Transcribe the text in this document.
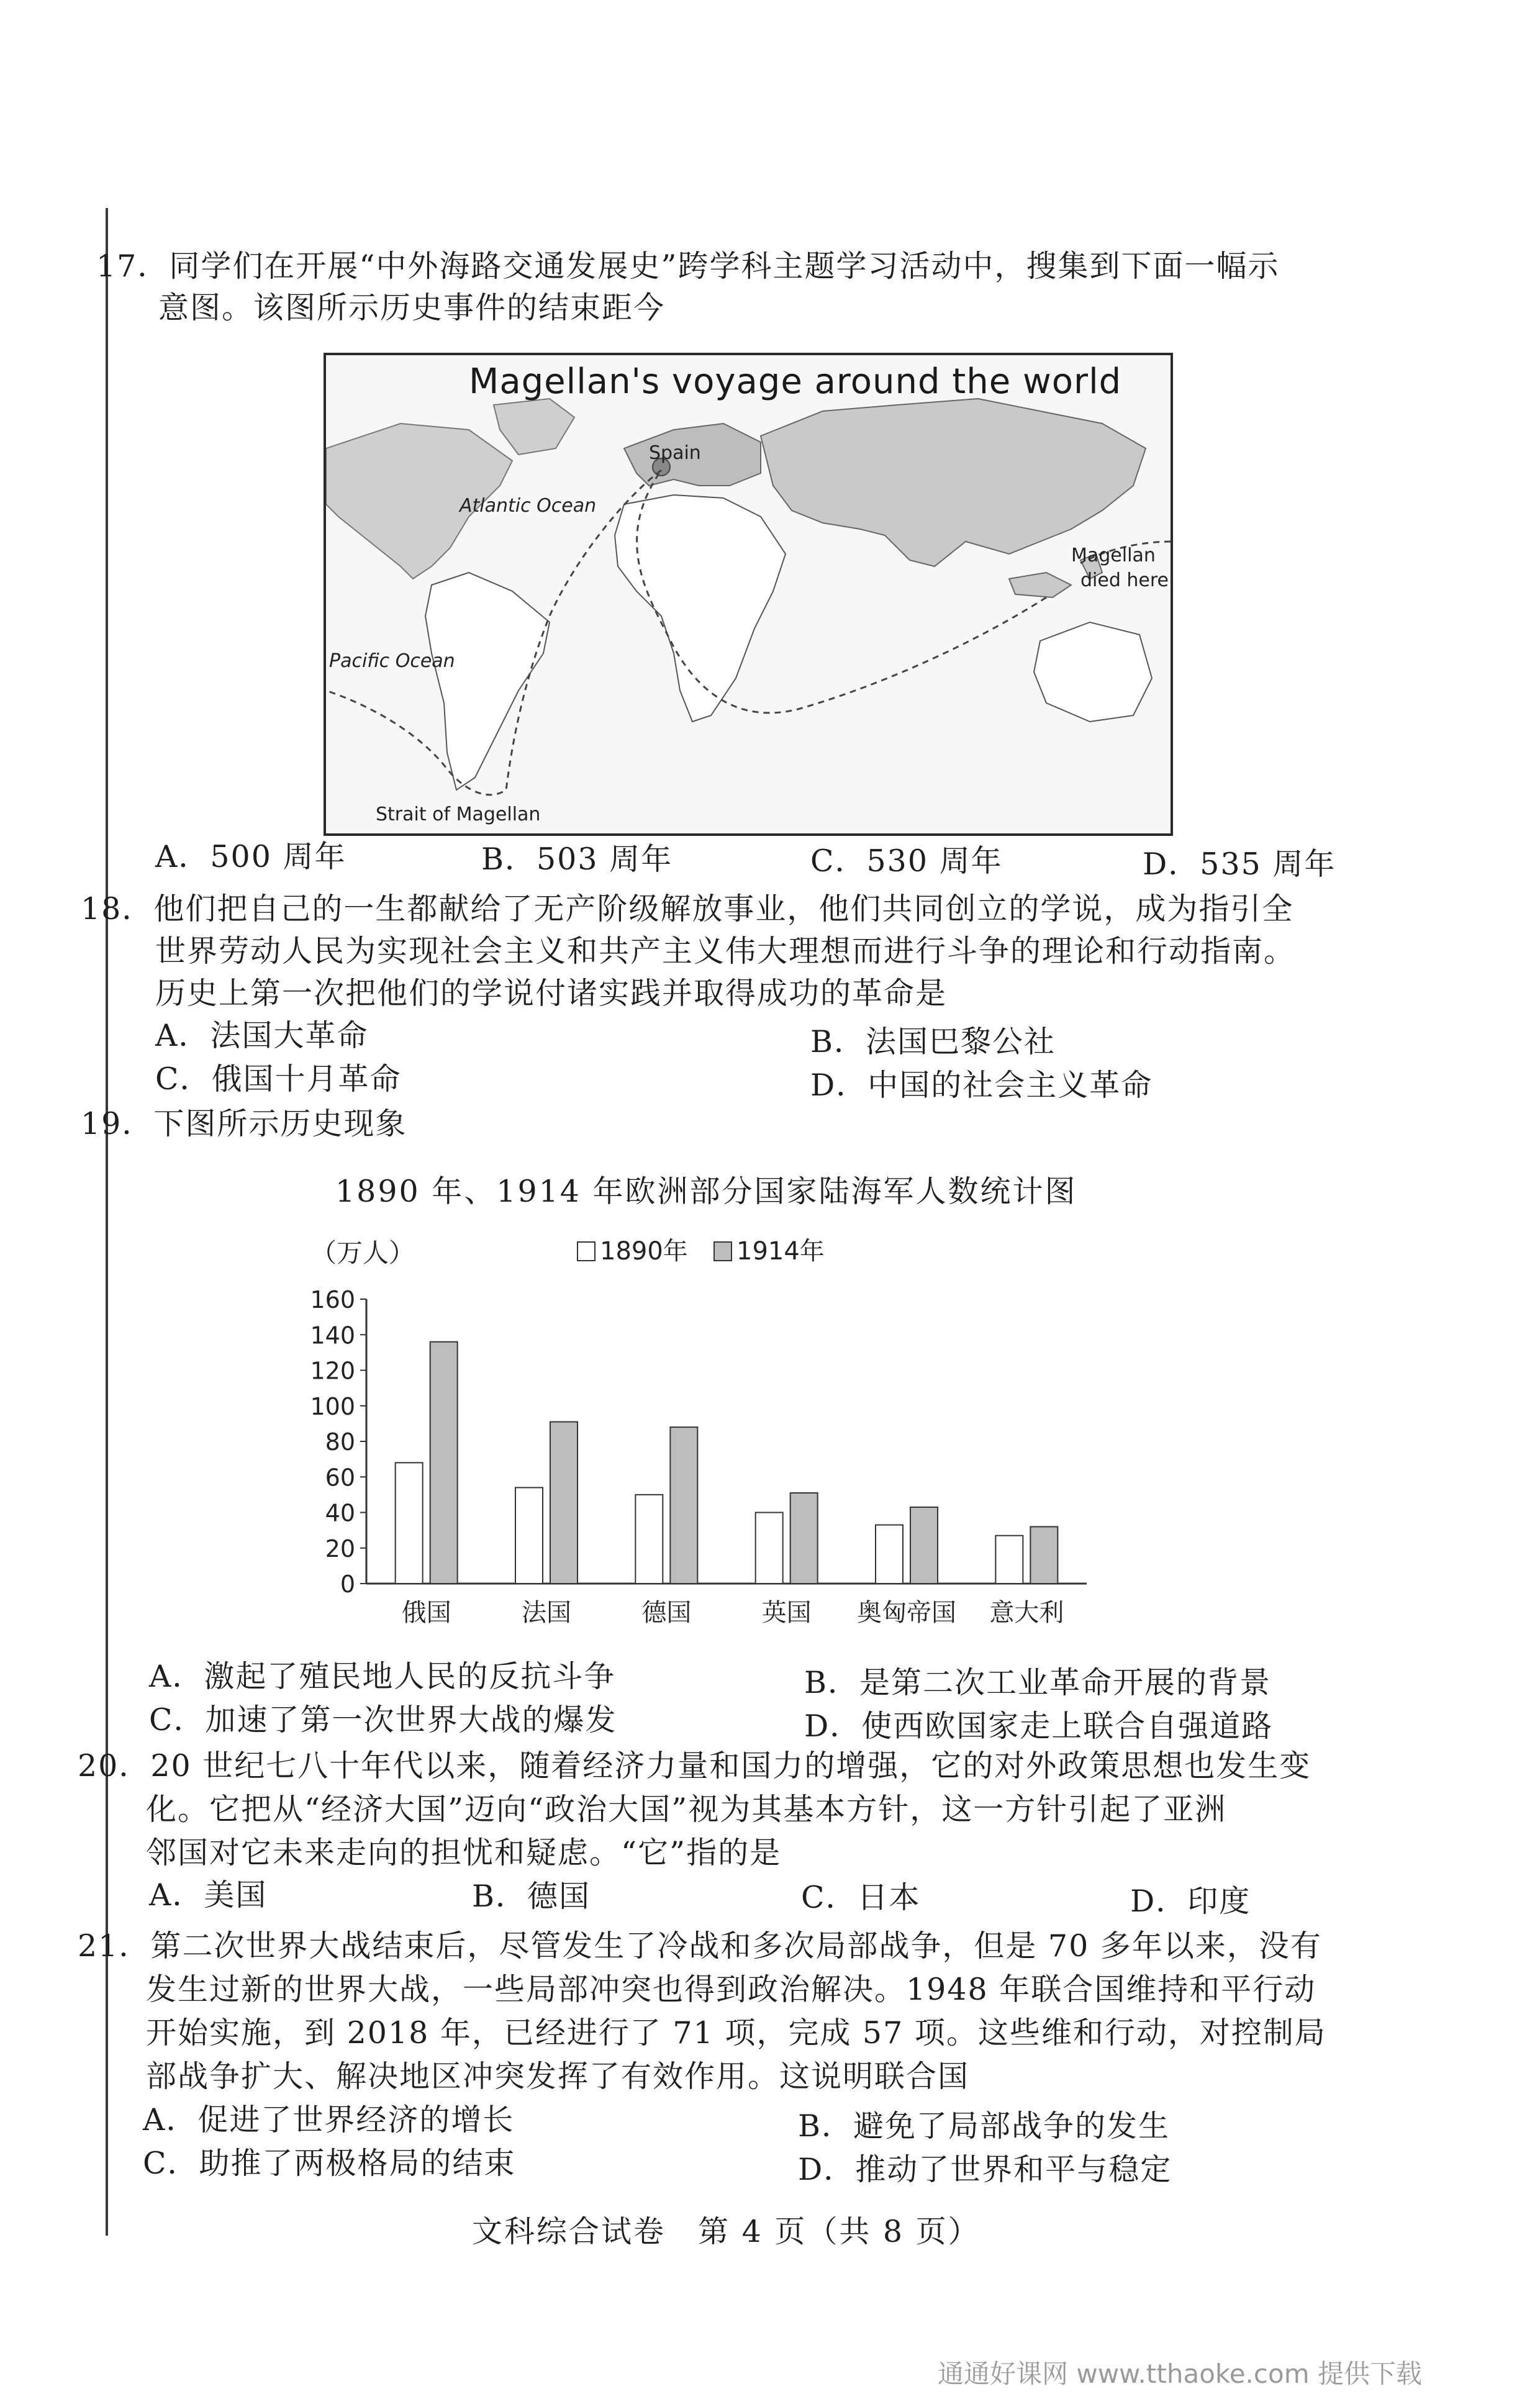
17．同学们在开展“中外海路交通发展史”跨学科主题学习活动中，搜集到下面一幅示
意图。该图所示历史事件的结束距今
Magellan's voyage around the world
Spain
Atlantic Ocean
Pacific Ocean
Magellan
died here
Strait of Magellan
A．500 周年	B．503 周年	C．530 周年	D．535 周年
18．他们把自己的一生都献给了无产阶级解放事业，他们共同创立的学说，成为指引全
世界劳动人民为实现社会主义和共产主义伟大理想而进行斗争的理论和行动指南。
历史上第一次把他们的学说付诸实践并取得成功的革命是
A．法国大革命	B．法国巴黎公社
C．俄国十月革命	D．中国的社会主义革命
19．下图所示历史现象
1890 年、1914 年欧洲部分国家陆海军人数统计图
（万人）	1890年 1914年
0
20
40
60
80
100
120
140
160
俄国	法国	德国	英国 奥匈帝国 意大利
A．激起了殖民地人民的反抗斗争	B．是第二次工业革命开展的背景
C．加速了第一次世界大战的爆发	D．使西欧国家走上联合自强道路
20．20 世纪七八十年代以来，随着经济力量和国力的增强，它的对外政策思想也发生变
化。它把从“经济大国”迈向“政治大国”视为其基本方针，这一方针引起了亚洲
邻国对它未来走向的担忧和疑虑。“它”指的是
A．美国	B．德国	C．日本	D．印度
21．第二次世界大战结束后，尽管发生了冷战和多次局部战争，但是 70 多年以来，没有
发生过新的世界大战，一些局部冲突也得到政治解决。1948 年联合国维持和平行动
开始实施，到 2018 年，已经进行了 71 项，完成 57 项。这些维和行动，对控制局
部战争扩大、解决地区冲突发挥了有效作用。这说明联合国
A．促进了世界经济的增长	B．避免了局部战争的发生
C．助推了两极格局的结束	D．推动了世界和平与稳定
文科综合试卷　第 4 页（共 8 页）
通通好课网 www.tthaoke.com 提供下载
